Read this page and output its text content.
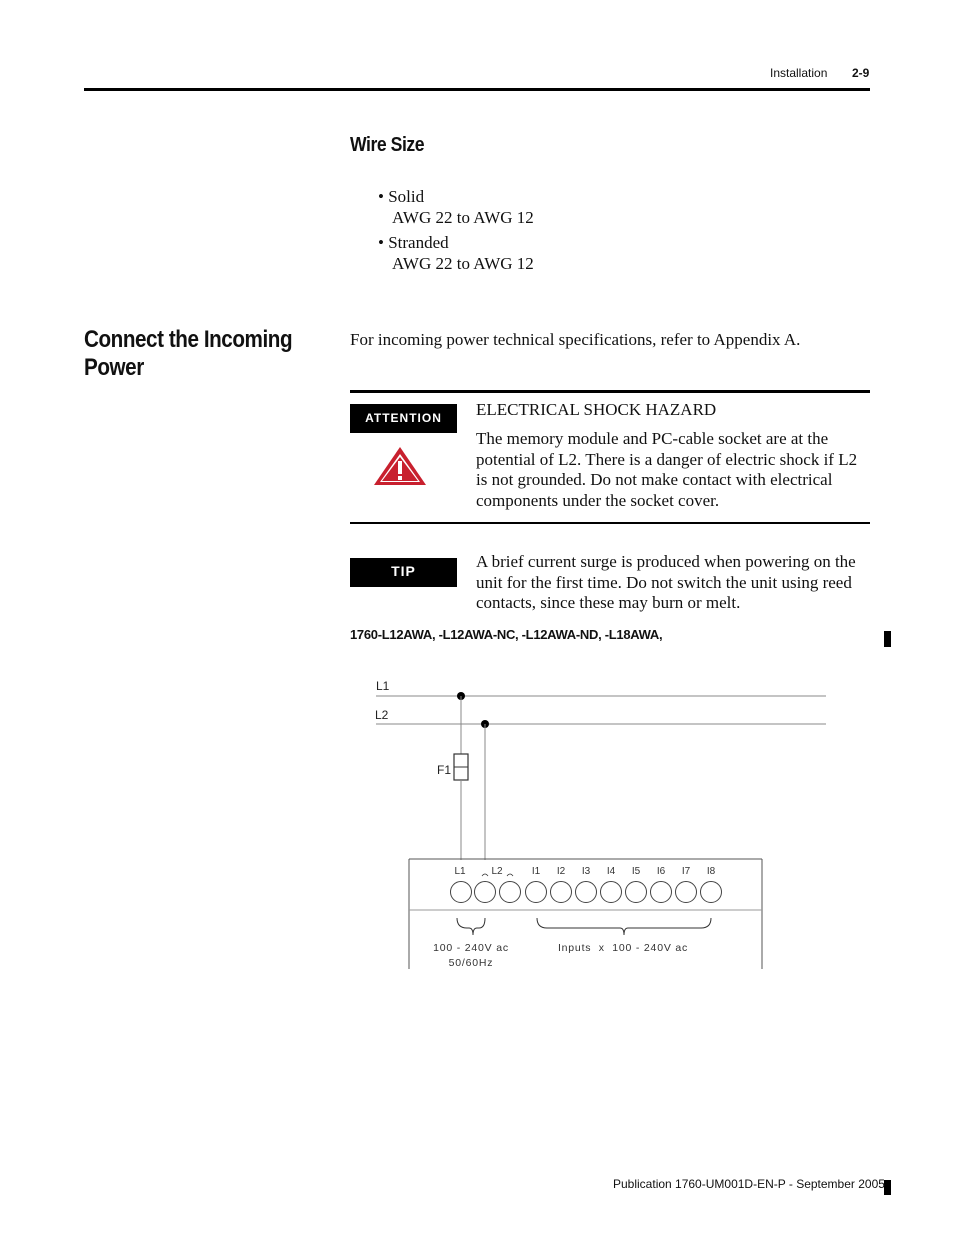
Installation 2-9
Wire Size
• Solid
AWG 22 to AWG 12
• Stranded
AWG 22 to AWG 12
Connect the Incoming Power
For incoming power technical specifications, refer to Appendix A.
ATTENTION	ELECTRICAL SHOCK HAZARD
The memory module and PC-cable socket are at the potential of L2. There is a danger of electric shock if L2 is not grounded. Do not make contact with electrical components under the socket cover.
TIP	A brief current surge is produced when powering on the unit for the first time. Do not switch the unit using reed contacts, since these may burn or melt.
1760-L12AWA, -L12AWA-NC, -L12AWA-ND, -L18AWA,
L1
L2
F1
L1	L2	I1 I2 I3 I4 I5 I6 I7 I8
100 - 240V ac
50/60Hz
Inputs  x  100 - 240V ac
Publication 1760-UM001D-EN-P - September 2005
